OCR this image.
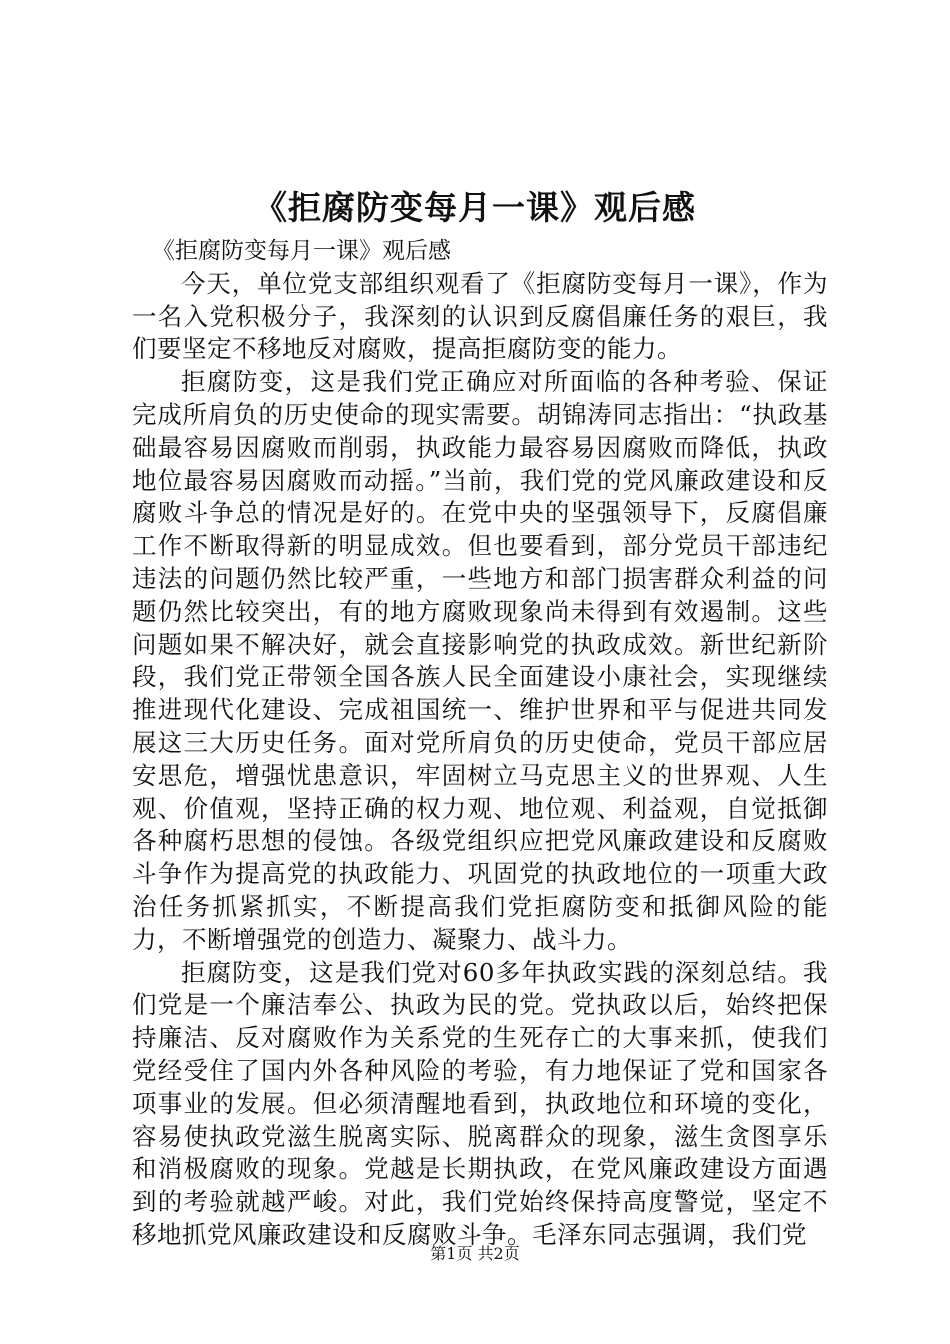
《拒腐防变每月一课》观后感

《拒腐防变每月一课》观后感

今天，单位党支部组织观看了《拒腐防变每月一课》，作为一名入党积极分子，我深刻的认识到反腐倡廉任务的艰巨，我们要坚定不移地反对腐败，提高拒腐防变的能力。

拒腐防变，这是我们党正确应对所面临的各种考验、保证完成所肩负的历史使命的现实需要。胡锦涛同志指出：“执政基础最容易因腐败而削弱，执政能力最容易因腐败而降低，执政地位最容易因腐败而动摇。”当前，我们党的党风廉政建设和反腐败斗争总的情况是好的。在党中央的坚强领导下，反腐倡廉工作不断取得新的明显成效。但也要看到，部分党员干部违纪违法的问题仍然比较严重，一些地方和部门损害群众利益的问题仍然比较突出，有的地方腐败现象尚未得到有效遏制。这些问题如果不解决好，就会直接影响党的执政成效。新世纪新阶段，我们党正带领全国各族人民全面建设小康社会，实现继续推进现代化建设、完成祖国统一、维护世界和平与促进共同发展这三大历史任务。面对党所肩负的历史使命，党员干部应居安思危，增强忧患意识，牢固树立马克思主义的世界观、人生观、价值观，坚持正确的权力观、地位观、利益观，自觉抵御各种腐朽思想的侵蚀。各级党组织应把党风廉政建设和反腐败斗争作为提高党的执政能力、巩固党的执政地位的一项重大政治任务抓紧抓实，不断提高我们党拒腐防变和抵御风险的能力，不断增强党的创造力、凝聚力、战斗力。

拒腐防变，这是我们党对60多年执政实践的深刻总结。我们党是一个廉洁奉公、执政为民的党。党执政以后，始终把保持廉洁、反对腐败作为关系党的生死存亡的大事来抓，使我们党经受住了国内外各种风险的考验，有力地保证了党和国家各项事业的发展。但必须清醒地看到，执政地位和环境的变化，容易使执政党滋生脱离实际、脱离群众的现象，滋生贪图享乐和消极腐败的现象。党越是长期执政，在党风廉政建设方面遇到的考验就越严峻。对此，我们党始终保持高度警觉，坚定不移地抓党风廉政建设和反腐败斗争。毛泽东同志强调，我们党

第1页 共2页
